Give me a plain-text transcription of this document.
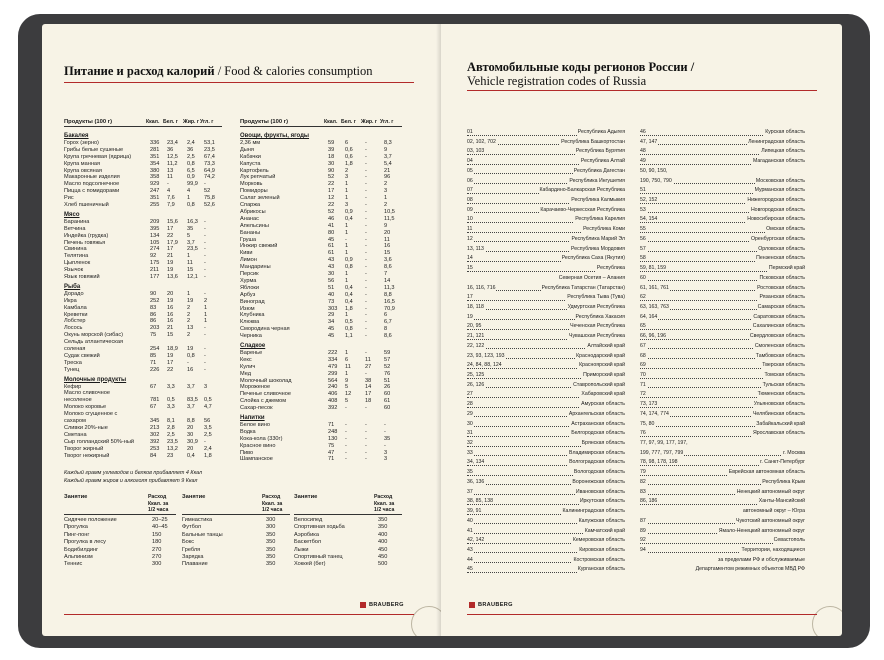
Питание и расход калорий / Food & calories consumption
Продукты (100 г)	Ккал. Бел. г Жир. г Угл. г
Бакалея
Горох (зерно)	336 23,4 2,4 53,1
Грибы белые сушеные	281 36 36 23,5
Крупа гречневая (ядрица)	351 12,5 2,5 67,4
Крупа манная	354 11,2 0,8 73,3
Крупа овсяная	380 13 6,5 64,9
Макаронные изделия	358 11	0,9 74,2
Масло подсолнечное	929 -	99,9 -
Пицца с помидорами	247 4	4 52
Рис	351 7,6 1 75,8
Хлеб пшеничный	255 7,9 0,8 52,6
Мясо
Баранина	209 15,6 16,3 -
Ветчина	395 17 35 -
Индейка (грудка)	134 22 5 -
Печень говяжья	105 17,9 3,7 -
Свинина	274 17 23,5 -
Телятина	92 21 1 -
Цыпленок	175 19 11 -
Язычок	211 19 15 -
Язык говяжий	177 13,6 12,1 -
Рыба
Дорадо	90 20 1 -
Икра	252 19 19 2
Камбала	83 16 2 1
Креветки	86 16 2 1
Лобстер	86 16 2 1
Лосось	203 21 13 -
Окунь морской (сибас)	75 15 2 -
Сельдь атлантическая
соленая	254 18,9 19 -
Судак свежий	85 19 0,8 -
Треска	71 17 -	-
Тунец	226 22 16 -
Молочные продукты
Кефир	67 3,3 3,7 3
Масло сливочное
несоленое	781 0,5 83,5 0,5
Молоко коровье	67 3,3 3,7 4,7
Молоко сгущенное с
сахаром	345 8,1 8,8 56
Сливки 20%-ные	213 2,8 20 3,5
Сметана	302 2,5 30 2,5
Сыр голландский 50%-ный	392 23,5 30,9 -
Творог жирный	253 13,2 20 2,4
Творог нежирный	84 23 0,4 1,8
Продукты (100 г)	Ккал. Бел. г Жир. г Угл. г
Овощи, фрукты, ягоды
2,36 мм	59 6	-	8,3
Дыня	39 0,6 -	9
Кабачки	18 0,6 -	3,7
Капуста	30 1,8 -	5,4
Картофель	90 2	-	21
Лук репчатый	52 3	-	96
Морковь	22 1	-	2
Помидоры	17 1	-	3
Салат зеленый	12 1	-	1
Спаржа	22 3	-	2
Абрикосы	52 0,9 -	10,5
Ананас	46 0,4 -	11,5
Апельсины	41 1	-	9
Бананы	80 1	-	20
Груша	45 -	-	11
Инжир свежий	61 1	-	16
Киви	61 1	-	15
Лимон	43 0,9 -	3,6
Мандарины	43 0,8 -	8,6
Персик	30 1	-	7
Хурма	56 1	-	14
Яблоки	51 0,4 -	11,3
Арбуз	40 0,4 -	8,8
Виноград	73 0,4 -	16,5
Изюм	303 1,8 -	70,9
Клубника	29 1	-	6
Клюква	34 0,5 -	6,7
Смородина черная	45 0,8 -	8
Черника	45 1,1 -	8,6
Сладкое
Варенье	222 1	-	59
Кекс	334 6	11 57
Кулич	479 11	27 52
Мед	299 1	-	76
Молочный шоколад	564 9	38 51
Мороженое	240 5	14 26
Печенье сливочное	406 12 17 60
Слойка с джемом	408 5	18 61
Сахар-песок	392 -	-	60
Напитки
Белое вино	71 -	-	-
Водка	248 -	-	-
Кока-кола (330г)	130 -	-	35
Красное вино	75 -	-	-
Пиво	47 -	-	3
Шампанское	71 -	-	3
Каждый грамм углеводов и белков прибавляет 4 Ккал
Каждый грамм жиров и алкоголя прибавляет 9 Ккал
Занятие	Расход
Ккал. за
1/2 часа
Сидячее положение	20–25
Прогулка	40–45
Пинг-понг	150
Прогулка в лесу	180
Бодибилдинг	270
Альпинизм	270
Теннис	300
Занятие	Расход
Ккал. за
1/2 часа
Гимнастика	300
Футбол	300
Бальные танцы	350
Бокс	350
Гребля	350
Зарядка	350
Плавание	350
Занятие	Расход
Ккал. за
1/2 часа
Велосипед	350
Спортивная ходьба	350
Аэробика	400
Баскетбол	400
Лыжи	450
Спортивный танец	450
Хоккей (бег)	500
BRAUBERG
Автомобильные коды регионов России /
Vehicle registration codes of Russia
01	Республика Адыгея
02, 102, 702	Республика Башкортостан
03, 103	Республика Бурятия
04	Республика Алтай
05	Республика Дагестан
06	Республика Ингушетия
07	Кабардино-Балкарская Республика
08	Республика Калмыкия
09	Карачаево-Черкесская Республика
10	Республика Карелия
11	Республика Коми
12	Республика Марий Эл
13, 113	Республика Мордовия
14	Республика Саха (Якутия)
15	Республика
Северная Осетия – Алания
16, 116, 716	Республика Татарстан (Татарстан)
17	Республика Тыва (Тува)
18, 118	Удмуртская Республика
19	Республика Хакасия
20, 95	Чеченская Республика
21, 121	Чувашская Республика
22, 122	Алтайский край
23, 93, 123, 193	Краснодарский край
24, 84, 88, 124	Красноярский край
25, 125	Приморский край
26, 126	Ставропольский край
27	Хабаровский край
28	Амурская область
29	Архангельская область
30	Астраханская область
31	Белгородская область
32	Брянская область
33	Владимирская область
34, 134	Волгоградская область
35	Вологодская область
36, 136	Воронежская область
37	Ивановская область
38, 85, 138	Иркутская область
39, 91	Калининградская область
40	Калужская область
41	Камчатский край
42, 142	Кемеровская область
43	Кировская область
44	Костромская область
45	Курганская область
46	Курская область
47, 147	Ленинградская область
48	Липецкая область
49	Магаданская область
50, 90, 150,
190, 750, 790	Московская область
51	Мурманская область
52, 152	Нижегородская область
53	Новгородская область
54, 154	Новосибирская область
55	Омская область
56	Оренбургская область
57	Орловская область
58	Пензенская область
59, 81, 159	Пермский край
60	Псковская область
61, 161, 761	Ростовская область
62	Рязанская область
63, 163, 763	Самарская область
64, 164	Саратовская область
65	Сахалинская область
66, 96, 196	Свердловская область
67	Смоленская область
68	Тамбовская область
69	Тверская область
70	Томская область
71	Тульская область
72	Тюменская область
73, 173	Ульяновская область
74, 174, 774	Челябинская область
75, 80	Забайкальский край
76	Ярославская область
77, 97, 99, 177, 197,
199, 777, 797, 799	г. Москва
78, 98, 178, 198	г. Санкт-Петербург
79	Еврейская автономная область
82	Республика Крым
83	Ненецкий автономный округ
86, 186	Ханты-Мансийский
автономный округ – Югра
87	Чукотский автономный округ
89	Ямало-Ненецкий автономный округ
92	Севастополь
94	Территории, находящиеся
за пределами РФ и обслуживаемые
Департаментом режимных объектов МВД РФ
BRAUBERG
